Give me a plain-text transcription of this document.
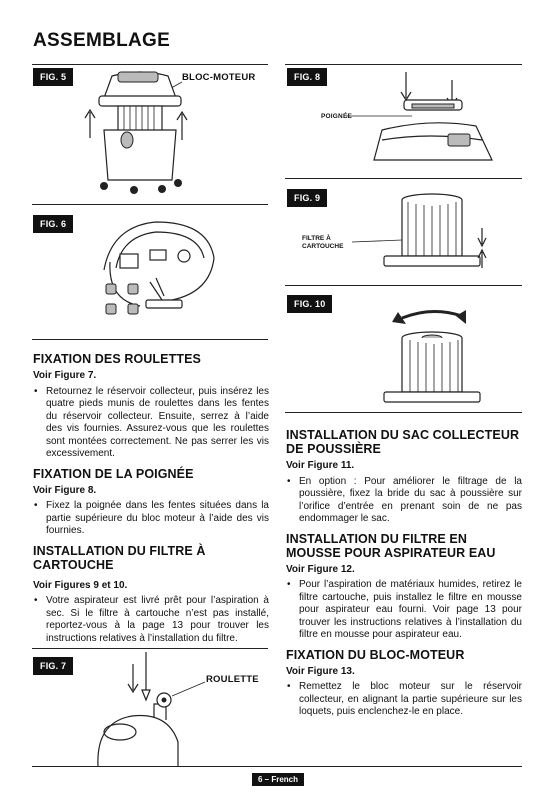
ASSEMBLAGE
FIG. 5	BLOC-MOTEUR
FIG. 6
FIG. 7
ROULETTE
FIG. 8
POIGNÉE
FIG. 9
FILTRE À
CARTOUCHE
FIG. 10
FIXATION DES ROULETTES
Voir Figure 7.
• Retournez le réservoir collecteur, puis insérez les quatre pieds munis de roulettes dans les fentes du réservoir collecteur. Ensuite, serrez à l’aide des vis fournies. Assurez-vous que les roulettes sont montées correctement. Ne pas serrer les vis excessivement.
FIXATION DE LA POIGNÉE
Voir Figure 8.
• Fixez la poignée dans les fentes situées dans la partie supérieure du bloc moteur à l’aide des vis fournies.
INSTALLATION DU FILTRE À CARTOUCHE
Voir Figures 9 et 10.
• Votre aspirateur est livré prêt pour l’aspiration à sec. Si le filtre à cartouche n’est pas installé, reportez-vous à la page 13 pour trouver les instructions relatives à l’installation du filtre.
INSTALLATION DU SAC COLLECTEUR DE POUSSIÈRE
Voir Figure 11.
• En option : Pour améliorer le filtrage de la poussière, fixez la bride du sac à poussière sur l’orifice d’entrée en prenant soin de ne pas endommager le sac.
INSTALLATION DU FILTRE EN MOUSSE POUR ASPIRATEUR EAU
Voir Figure 12.
• Pour l’aspiration de matériaux humides, retirez le filtre cartouche, puis installez le filtre en mousse pour aspirateur eau fourni. Voir page 13 pour trouver les instructions relatives à l’installation du filtre en mousse pour aspirateur eau.
FIXATION DU BLOC-MOTEUR
Voir Figure 13.
• Remettez le bloc moteur sur le réservoir collecteur, en alignant la partie supérieure sur les loquets, puis enclenchez-le en place.
6 – French
